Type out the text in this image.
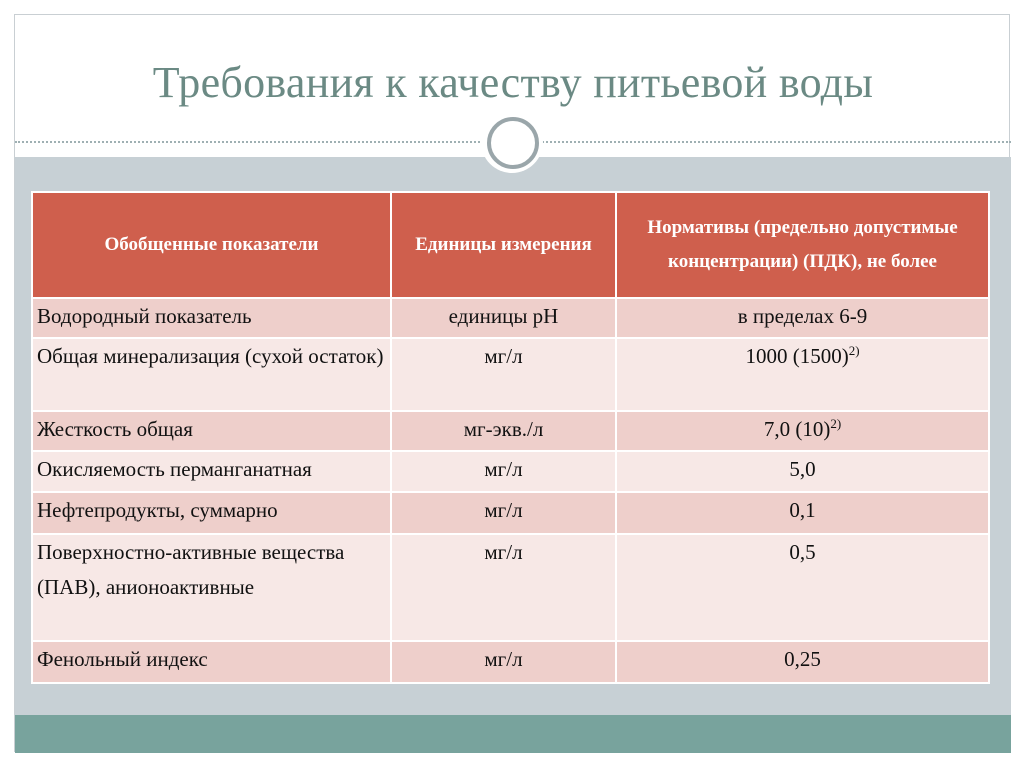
Требования к качеству питьевой воды
Обобщенные показатели	Единицы измерения	Нормативы (предельно допустимые концентрации) (ПДК), не более
Водородный показатель	единицы pH	в пределах 6-9
Общая минерализация (сухой остаток)	мг/л	1000 $(1500)^{2)}$
Жесткость общая	мг-экв./л	7,0 $(10)^{2)}$
Окисляемость перманганатная	мг/л	5,0
Нефтепродукты, суммарно	мг/л	0,1
Поверхностно-активные вещества (ПАВ), анионоактивные	мг/л	0,5
Фенольный индекс	мг/л	0,25
